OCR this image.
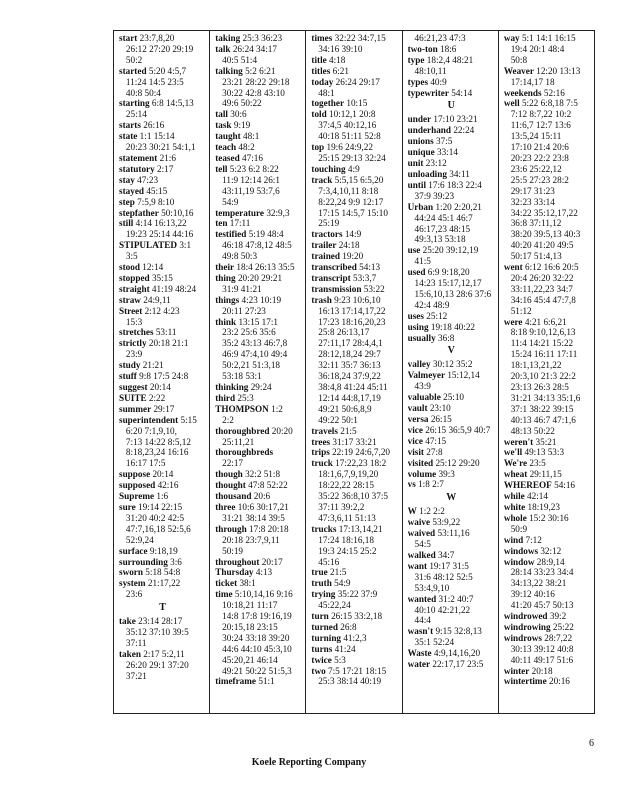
start 23:7,8,20
26:12 27:20 29:19
50:2
started 5:20 4:5,7
11:24 14:5 23:5
40:8 50:4
starting 6:8 14:5,13
25:14
starts 26:16
state 1:1 15:14
20:23 30:21 54:1,1
statement 21:6
statutory 2:17
stay 47:23
stayed 45:15
step 7:5,9 8:10
stepfather 50:10,16
still 4:14 16:13,22
19:23 25:14 44:16
STIPULATED 3:1
3:5
stood 12:14
stopped 35:15
straight 41:19 48:24
straw 24:9,11
Street 2:12 4:23
15:3
stretches 53:11
strictly 20:18 21:1
23:9
study 21:21
stuff 9:8 17:5 24:8
suggest 20:14
SUITE 2:22
summer 29:17
superintendent 5:15
6:20 7:1,9,10,
7:13 14:22 8:5,12
8:18,23,24 16:16
16:17 17:5
suppose 20:14
supposed 42:16
Supreme 1:6
sure 19:14 22:15
31:20 40:2 42:5
47:7,16,18 52:5,6
52:9,24
surface 9:18,19
surrounding 3:6
sworn 5:18 54:8
system 21:17,22
23:6
T
take 23:14 28:17
35:12 37:10 39:5
37:11
taken 2:17 5:2,11
26:20 29:1 37:20
37:21
taking 25:3 36:23
talk 26:24 34:17
40:5 51:4
talking 5:2 6:21
23:21 28:22 29:18
30:22 42:8 43:10
49:6 50:22
tall 30:6
task 9:19
taught 48:1
teach 48:2
teased 47:16
tell 5:23 6:2 8:22
11:9 12:14 26:1
43:11,19 53:7,6
54:9
temperature 32:9,3
ten 17:11
testified 5:19 48:4
46:18 47:8,12 48:5
49:8 50:3
their 18:4 26:13 35:5
thing 20:20 29:21
31:9 41:21
things 4:23 10:19
20:11 27:23
think 13:15 17:1
23:2 25:6 35:6
35:2 43:13 46:7,8
46:9 47:4,10 49:4
50:2,21 51:3,18
53:18 53:1
thinking 29:24
third 25:3
THOMPSON 1:2
2:2
thoroughbred 20:20
25:11,21
thoroughbreds
22:17
though 32:2 51:8
thought 47:8 52:22
thousand 20:6
three 10:6 30:17,21
31:21 38:14 39:5
through 17:8 20:18
20:18 23:7,9,11
50:19
throughout 20:17
Thursday 4:13
ticket 38:1
time 5:10,14,16 9:16
10:18,21 11:17
14:8 17:8 19:16,19
20:15,18 23:15
30:24 33:18 39:20
44:6 44:10 45:3,10
45:20,21 46:14
49:21 50:22 51:5,3
timeframe 51:1
times 32:22 34:7,15
34:16 39:10
title 4:18
titles 6:21
today 26:24 29:17
48:1
together 10:15
told 10:12,1 20:8
37:4,5 40:12,16
40:18 51:11 52:8
top 19:6 24:9,22
25:15 29:13 32:24
touching 4:9
track 5:5,15 6:5,20
7:3,4,10,11 8:18
8:22,24 9:9 12:17
17:15 14:5,7 15:10
25:19
tractors 14:9
trailer 24:18
trained 19:20
transcribed 54:13
transcript 53:3,7
transmission 53:22
trash 9:23 10:6,10
16:13 17:14,17,22
17:23 18:16,20,23
25:8 26:13,17
27:11,17 28:4,4,1
28:12,18,24 29:7
32:11 35:7 36:13
36:18,24 37:9,22
38:4,8 41:24 45:11
12:14 44:8,17,19
49:21 50:6,8,9
49:22 50:1
travels 21:5
trees 31:17 33:21
trips 22:19 24:6,7,20
truck 17:22,23 18:2
18:1,6,7,9,19,20
18:22,22 28:15
35:22 36:8,10 37:5
37:11 39:2,2
47:3,6,11 51:13
trucks 17:13,14,21
17:24 18:16,18
19:3 24:15 25:2
45:16
true 21:5
truth 54:9
trying 35:22 37:9
45:22,24
turn 26:15 33:2,18
turned 26:8
turning 41:2,3
turns 41:24
twice 5:3
two 7:5 17:21 18:15
25:3 38:14 40:19
46:21,23 47:3
two-ton 18:6
type 18:2,4 48:21
48:10,11
types 40:9
typewriter 54:14
U
under 17:10 23:21
underhand 22:24
unions 37:5
unique 33:14
unit 23:12
unloading 34:11
until 17:6 18:3 22:4
37:9 39:23
Urban 1:20 2:20,21
44:24 45:1 46:7
46:17,23 48:15
49:3,13 53:18
use 25:20 39:12,19
41:5
used 6:9 9:18,20
14:23 15:17,12,17
15:6,10,13 28:6 37:6
42:4 48:9
uses 25:12
using 19:18 40:22
usually 36:8
V
valley 30:12 35:2
Valmeyer 15:12,14
43:9
valuable 25:10
vault 23:10
versa 26:15
vice 26:15 36:5,9 40:7
vice 47:15
visit 27:8
visited 25:12 29:20
volume 39:3
vs 1:8 2:7
W
W 1:2 2:2
waive 53:9,22
waived 53:11,16
54:5
walked 34:7
want 19:17 31:5
31:6 48:12 52:5
53:4,9,10
wanted 31:2 40:7
40:10 42:21,22
44:4
wasn't 9:15 32:8,13
35:1 52:24
Waste 4:9,14,16,20
water 22:17,17 23:5
way 5:1 14:1 16:15
19:4 20:1 48:4
50:8
Weaver 12:20 13:13
17:14,17 18
weekends 52:16
well 5:22 6:8,18 7:5
7:12 8:7,22 10:2
11:6,7 12:7 13:6
13:5,24 15:11
17:10 21:4 20:6
20:23 22:2 23:8
23:6 25:22,12
25:5 27:23 28:2
29:17 31:23
32:23 33:14
34:22 35:12,17,22
36:8 37:11,12
38:20 39:5,13 40:3
40:20 41:20 49:5
50:17 51:4,13
went 6:12 16:6 20:5
20:4 26:20 32:22
33:11,22,23 34:7
34:16 45:4 47:7,8
51:12
were 4:21 6:6,21
8:18 9:10,12,6,13
11:4 14:21 15:22
15:24 16:11 17:11
18:1,13,21,22
20:3,10 21:3 22:2
23:13 26:3 28:5
31:21 34:13 35:1,6
37:1 38:22 39:15
40:13 46:7 47:1,6
48:13 50:22
weren't 35:21
we'll 49:13 53:3
We're 23:5
wheat 29:11,15
WHEREOF 54:16
while 42:14
white 18:19,23
whole 15:2 30:16
50:9
wind 7:12
windows 32:12
window 28:9,14
28:14 33:23 34:4
34:13,22 38:21
39:12 40:16
41:20 45:7 50:13
windrowed 39:2
windrowing 25:22
windrows 28:7,22
30:13 39:12 40:8
40:11 49:17 51:6
winter 20:18
wintertime 20:16
6
Koele Reporting Company
